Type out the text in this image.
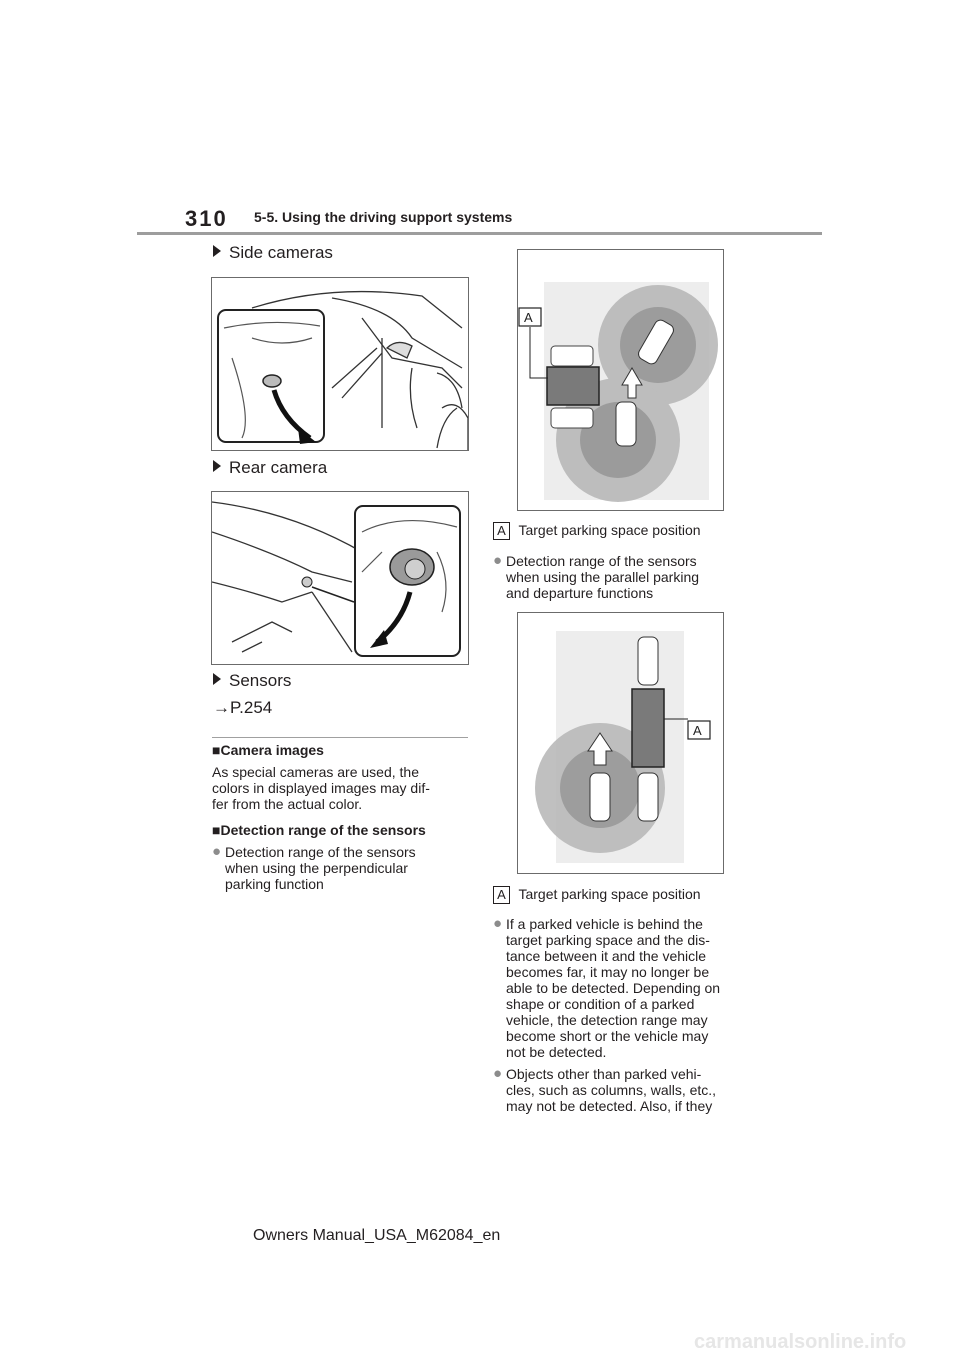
310 5-5. Using the driving support systems
Side cameras
Rear camera
Sensors
→P.254
■Camera images
As special cameras are used, the
colors in displayed images may dif-
fer from the actual color.
■Detection range of the sensors
● Detection range of the sensors
when using the perpendicular
parking function
A
A Target parking space position
● Detection range of the sensors
when using the parallel parking
and departure functions
A
A Target parking space position
● If a parked vehicle is behind the
target parking space and the dis-
tance between it and the vehicle
becomes far, it may no longer be
able to be detected. Depending on
shape or condition of a parked
vehicle, the detection range may
become short or the vehicle may
not be detected.
● Objects other than parked vehi-
cles, such as columns, walls, etc.,
may not be detected. Also, if they
Owners Manual_USA_M62084_en
carmanualsonline.info
